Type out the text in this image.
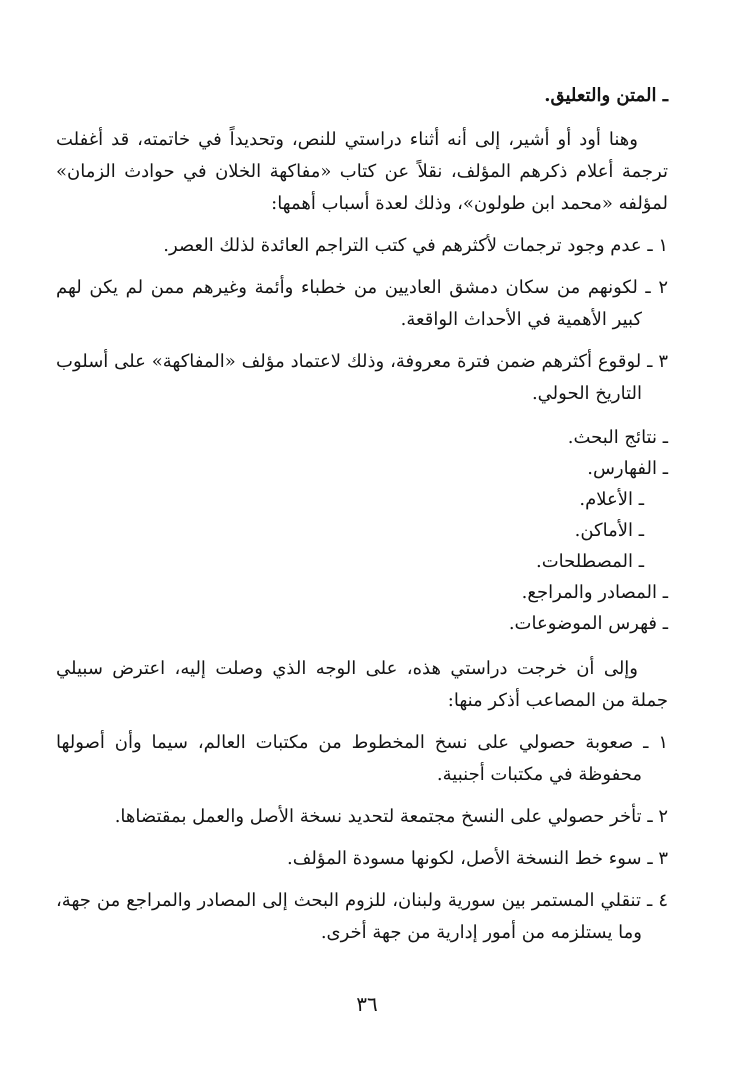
ـ المتن والتعليق.

وهنا أود أو أشير، إلى أنه أثناء دراستي للنص، وتحديداً في خاتمته، قد أغفلت ترجمة أعلام ذكرهم المؤلف، نقلاً عن كتاب «مفاكهة الخلان في حوادث الزمان» لمؤلفه «محمد ابن طولون»، وذلك لعدة أسباب أهمها:

١ ـ عدم وجود ترجمات لأكثرهم في كتب التراجم العائدة لذلك العصر.

٢ ـ لكونهم من سكان دمشق العاديين من خطباء وأئمة وغيرهم ممن لم يكن لهم كبير الأهمية في الأحداث الواقعة.

٣ ـ لوقوع أكثرهم ضمن فترة معروفة، وذلك لاعتماد مؤلف «المفاكهة» على أسلوب التاريخ الحولي.

ـ نتائج البحث.
ـ الفهارس.
ـ الأعلام.
ـ الأماكن.
ـ المصطلحات.
ـ المصادر والمراجع.
ـ فهرس الموضوعات.

وإلى أن خرجت دراستي هذه، على الوجه الذي وصلت إليه، اعترض سبيلي جملة من المصاعب أذكر منها:

١ ـ صعوبة حصولي على نسخ المخطوط من مكتبات العالم، سيما وأن أصولها محفوظة في مكتبات أجنبية.

٢ ـ تأخر حصولي على النسخ مجتمعة لتحديد نسخة الأصل والعمل بمقتضاها.

٣ ـ سوء خط النسخة الأصل، لكونها مسودة المؤلف.

٤ ـ تنقلي المستمر بين سورية ولبنان، للزوم البحث إلى المصادر والمراجع من جهة، وما يستلزمه من أمور إدارية من جهة أخرى.

٣٦
